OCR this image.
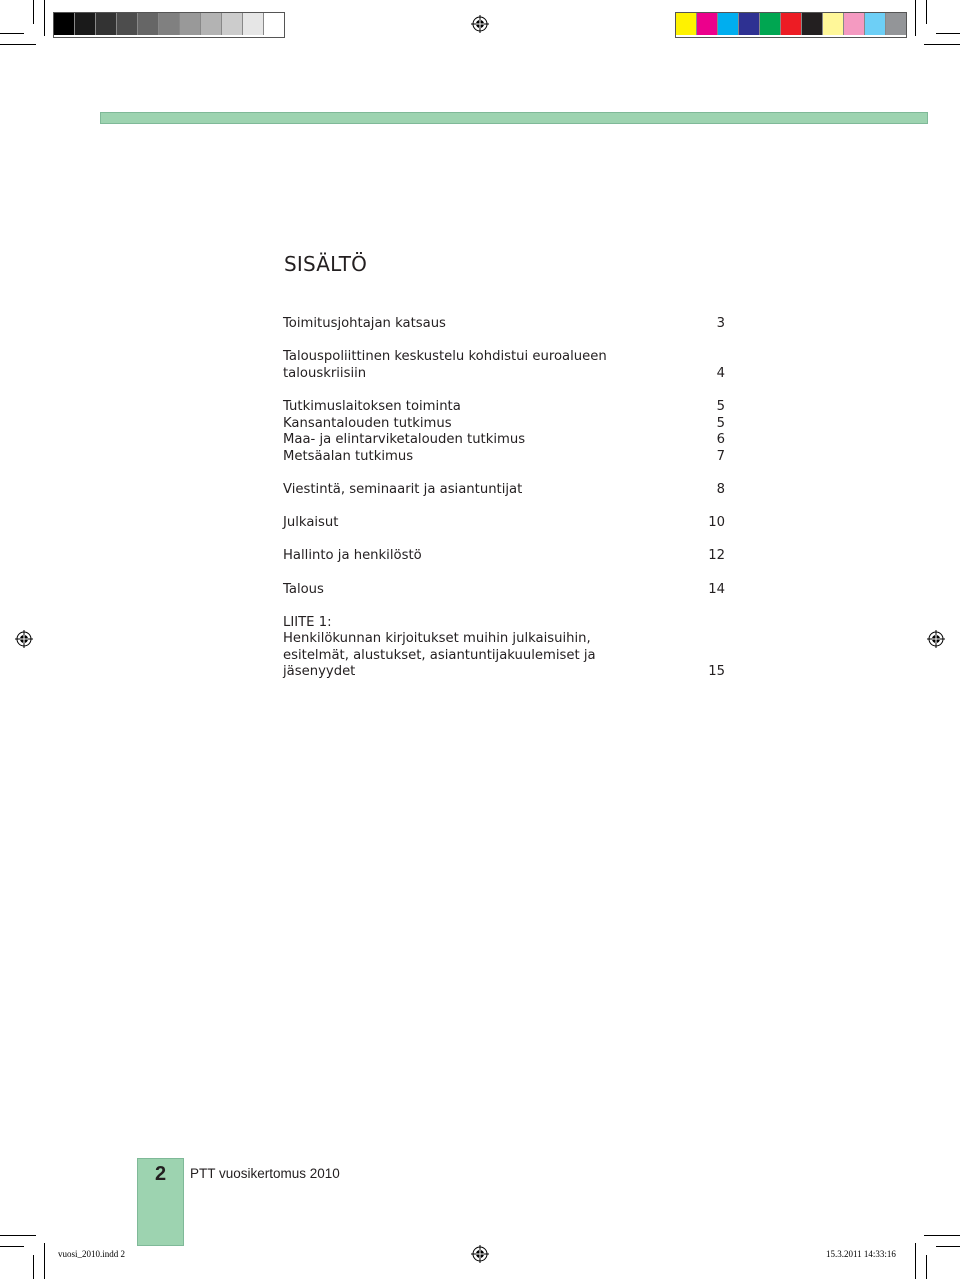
SISÄLTÖ
Toimitusjohtajan katsaus	3
Talouspoliittinen keskustelu kohdistui euroalueen
talouskriisiin	4
Tutkimuslaitoksen toiminta	5
Kansantalouden tutkimus	5
Maa- ja elintarviketalouden tutkimus	6
Metsäalan tutkimus	7
Viestintä, seminaarit ja asiantuntijat	8
Julkaisut	10
Hallinto ja henkilöstö	12
Talous	14
LIITE 1:
Henkilökunnan kirjoitukset muihin julkaisuihin,
esitelmät, alustukset, asiantuntijakuulemiset ja
jäsenyydet	15
2	PTT vuosikertomus 2010
vuosi_2010.indd 2	15.3.2011 14:33:16
